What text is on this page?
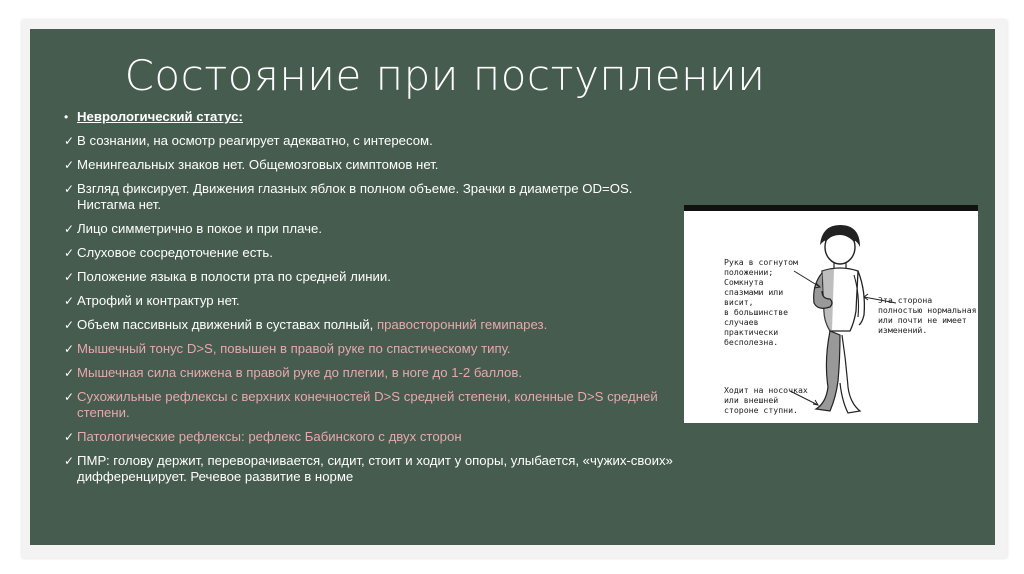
Состояние при поступлении
• Неврологический статус:
✓ В сознании, на осмотр реагирует адекватно, с интересом.
✓ Менингеальных знаков нет. Общемозговых симптомов нет.
✓ Взгляд фиксирует. Движения глазных яблок в полном объеме. Зрачки в диаметре OD=OS. Нистагма нет.
✓ Лицо симметрично в покое и при плаче.
✓ Слуховое сосредоточение есть.
✓ Положение языка в полости рта по средней линии.
✓ Атрофий и контрактур нет.
✓ Объем пассивных движений в суставах полный, правосторонний гемипарез.
✓ Мышечный тонус D>S, повышен в правой руке по спастическому типу.
✓ Мышечная сила снижена в правой руке до плегии, в ноге до 1-2 баллов.
✓ Сухожильные рефлексы с верхних конечностей D>S средней степени, коленные D>S средней степени.
✓ Патологические рефлексы: рефлекс Бабинского с двух сторон
✓ ПМР: голову держит, переворачивается, сидит, стоит и ходит у опоры, улыбается, «чужих-своих» дифференцирует. Речевое развитие в норме
Рука в согнутом
положении;
Сомкнута
спазмами или
висит,
в большинстве
случаев
практически
бесполезна.
Эта сторона
полностью нормальная
или почти не имеет
изменений.
Ходит на носочках
или внешней
стороне ступни.
